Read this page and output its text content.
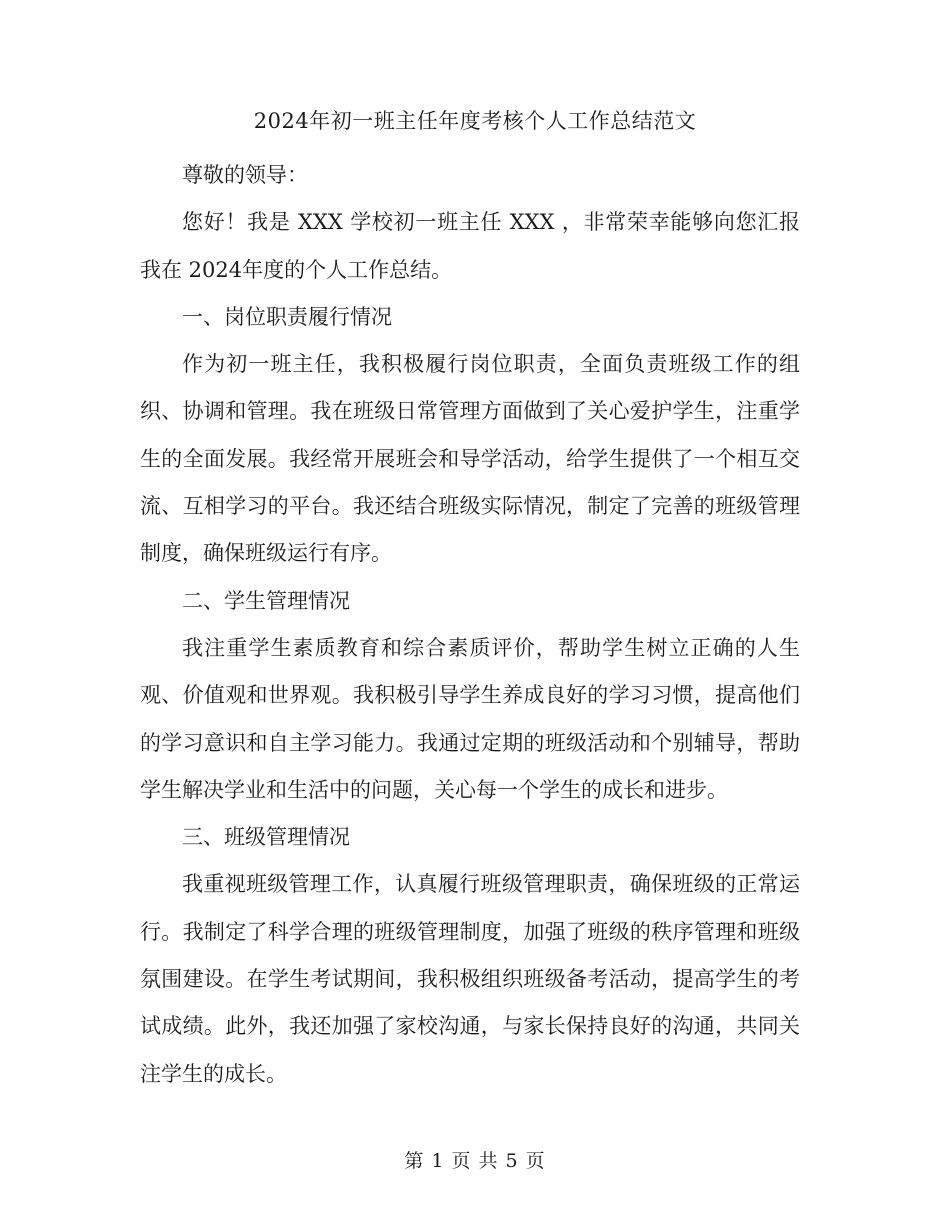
2024年初一班主任年度考核个人工作总结范文

尊敬的领导：

您好！我是 XXX 学校初一班主任 XXX ，非常荣幸能够向您汇报我在 2024年度的个人工作总结。

一、岗位职责履行情况

作为初一班主任，我积极履行岗位职责，全面负责班级工作的组织、协调和管理。我在班级日常管理方面做到了关心爱护学生，注重学生的全面发展。我经常开展班会和导学活动，给学生提供了一个相互交流、互相学习的平台。我还结合班级实际情况，制定了完善的班级管理制度，确保班级运行有序。

二、学生管理情况

我注重学生素质教育和综合素质评价，帮助学生树立正确的人生观、价值观和世界观。我积极引导学生养成良好的学习习惯，提高他们的学习意识和自主学习能力。我通过定期的班级活动和个别辅导，帮助学生解决学业和生活中的问题，关心每一个学生的成长和进步。

三、班级管理情况

我重视班级管理工作，认真履行班级管理职责，确保班级的正常运行。我制定了科学合理的班级管理制度，加强了班级的秩序管理和班级氛围建设。在学生考试期间，我积极组织班级备考活动，提高学生的考试成绩。此外，我还加强了家校沟通，与家长保持良好的沟通，共同关注学生的成长。

第 1 页 共 5 页
